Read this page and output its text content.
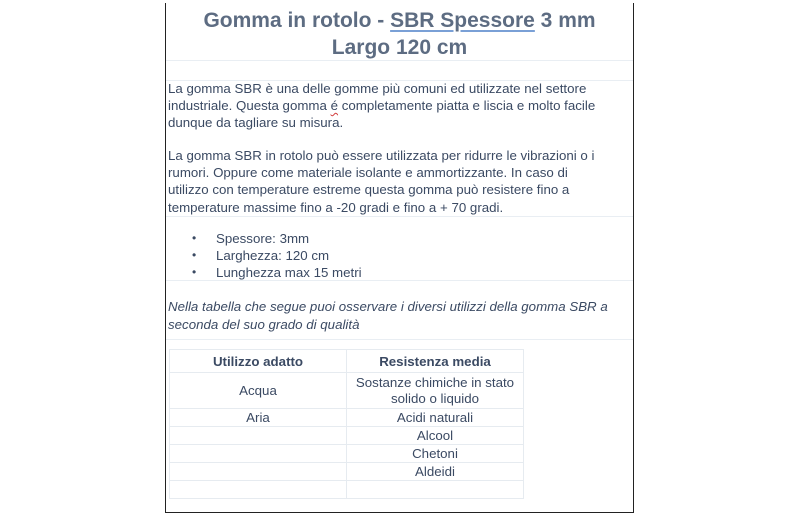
Gomma in rotolo - SBR Spessore 3 mm
Largo 120 cm
La gomma SBR è una delle gomme più comuni ed utilizzate nel settore
industriale. Questa gomma é completamente piatta e liscia e molto facile
dunque da tagliare su misura.
La gomma SBR in rotolo può essere utilizzata per ridurre le vibrazioni o i
rumori. Oppure come materiale isolante e ammortizzante. In caso di
utilizzo con temperature estreme questa gomma può resistere fino a
temperature massime fino a -20 gradi e fino a + 70 gradi.
• Spessore: 3mm
• Larghezza: 120 cm
• Lunghezza max 15 metri
Nella tabella che segue puoi osservare i diversi utilizzi della gomma SBR a
seconda del suo grado di qualità
Utilizzo adatto	Resistenza media
Acqua	Sostanze chimiche in stato
solido o liquido

Aria	Acidi naturali
	Alcool
	Chetoni
	Aldeidi
